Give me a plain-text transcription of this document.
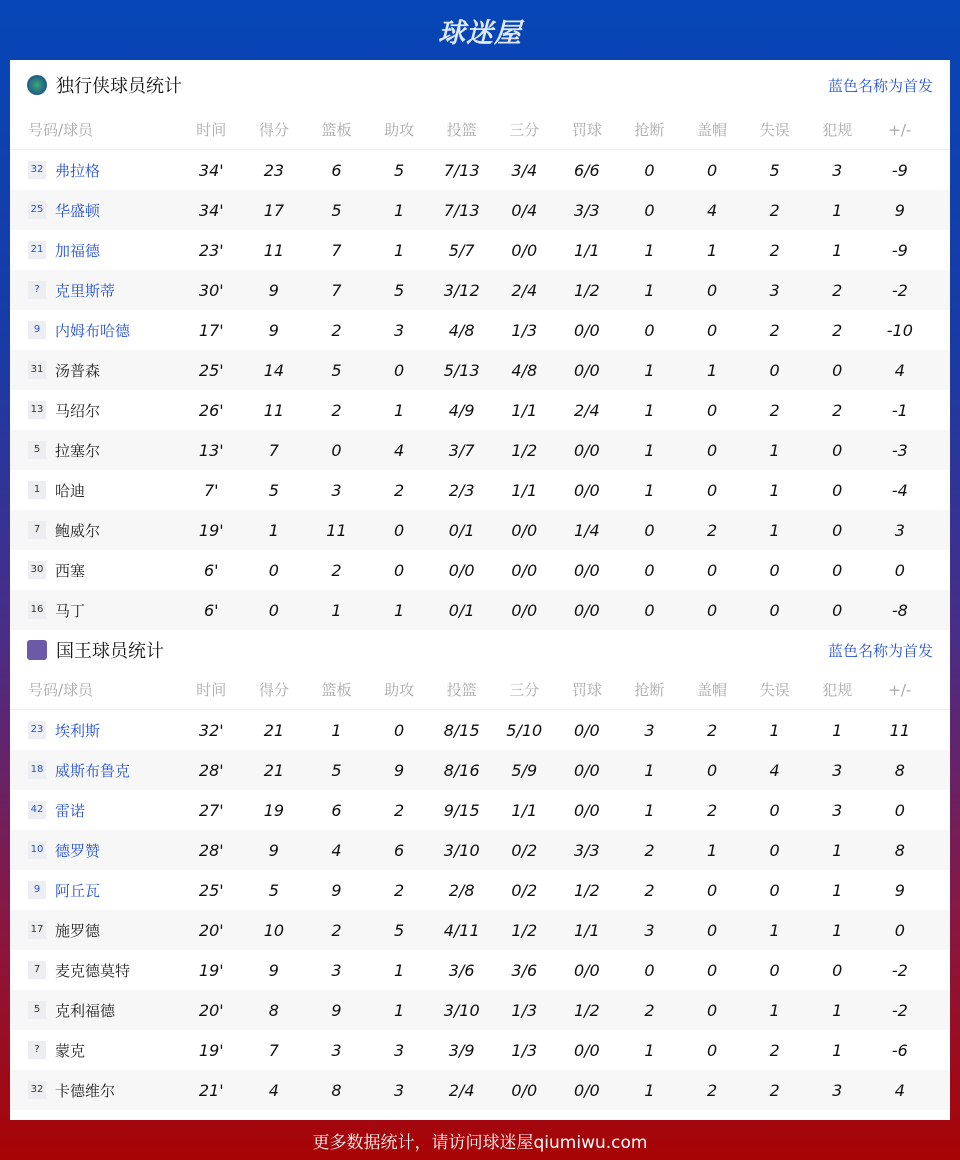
球迷屋
独行侠球员统计	蓝色名称为首发
号码/球员	时间	得分	篮板	助攻	投篮	三分	罚球	抢断	盖帽	失误	犯规	+/-
32 弗拉格	34'	23	6	5	7/13	3/4	6/6	0	0	5	3	-9
25 华盛顿	34'	17	5	1	7/13	0/4	3/3	0	4	2	1	9
21 加福德	23'	11	7	1	5/7	0/0	1/1	1	1	2	1	-9
?	克里斯蒂	30'	9	7	5	3/12	2/4	1/2	1	0	3	2	-2
9 内姆布哈德	17'	9	2	3	4/8	1/3	0/0	0	0	2	2	-10
31 汤普森	25'	14	5	0	5/13	4/8	0/0	1	1	0	0	4
13 马绍尔	26'	11	2	1	4/9	1/1	2/4	1	0	2	2	-1
5 拉塞尔	13'	7	0	4	3/7	1/2	0/0	1	0	1	0	-3
1 哈迪	7'	5	3	2	2/3	1/1	0/0	1	0	1	0	-4
7 鲍威尔	19'	1	11	0	0/1	0/0	1/4	0	2	1	0	3
30 西塞	6'	0	2	0	0/0	0/0	0/0	0	0	0	0	0
16 马丁	6'	0	1	1	0/1	0/0	0/0	0	0	0	0	-8
国王球员统计	蓝色名称为首发
号码/球员	时间	得分	篮板	助攻	投篮	三分	罚球	抢断	盖帽	失误	犯规	+/-
23 埃利斯	32'	21	1	0	8/15	5/10	0/0	3	2	1	1	11
18 威斯布鲁克	28'	21	5	9	8/16	5/9	0/0	1	0	4	3	8
42 雷诺	27'	19	6	2	9/15	1/1	0/0	1	2	0	3	0
10 德罗赞	28'	9	4	6	3/10	0/2	3/3	2	1	0	1	8
9 阿丘瓦	25'	5	9	2	2/8	0/2	1/2	2	0	0	1	9
17 施罗德	20'	10	2	5	4/11	1/2	1/1	3	0	1	1	0
7 麦克德莫特	19'	9	3	1	3/6	3/6	0/0	0	0	0	0	-2
5 克利福德	20'	8	9	1	3/10	1/3	1/2	2	0	1	1	-2
?	蒙克	19'	7	3	3	3/9	1/3	0/0	1	0	2	1	-6
32 卡德维尔	21'	4	8	3	2/4	0/0	0/0	1	2	2	3	4
更多数据统计，请访问球迷屋qiumiwu.com
